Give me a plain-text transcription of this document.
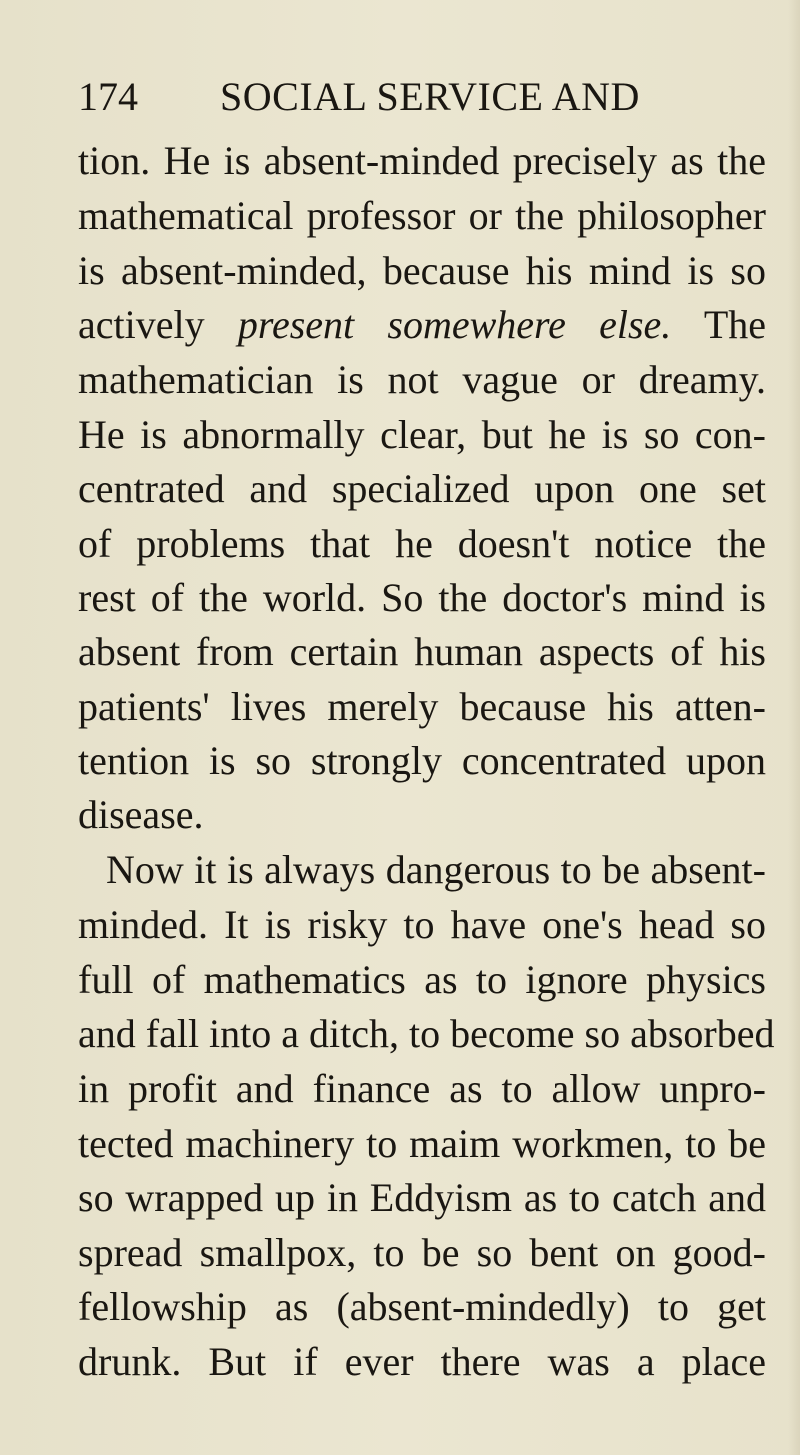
174 SOCIAL SERVICE AND
tion. He is absent-minded precisely as the
mathematical professor or the philosopher
is absent-minded, because his mind is so
actively present somewhere else. The
mathematician is not vague or dreamy.
He is abnormally clear, but he is so con-
centrated and specialized upon one set
of problems that he doesn't notice the
rest of the world. So the doctor's mind is
absent from certain human aspects of his
patients' lives merely because his atten-
tention is so strongly concentrated upon
disease.
Now it is always dangerous to be absent-
minded. It is risky to have one's head so
full of mathematics as to ignore physics
and fall into a ditch, to become so absorbed
in profit and finance as to allow unpro-
tected machinery to maim workmen, to be
so wrapped up in Eddyism as to catch and
spread smallpox, to be so bent on good-
fellowship as (absent-mindedly) to get
drunk. But if ever there was a place
